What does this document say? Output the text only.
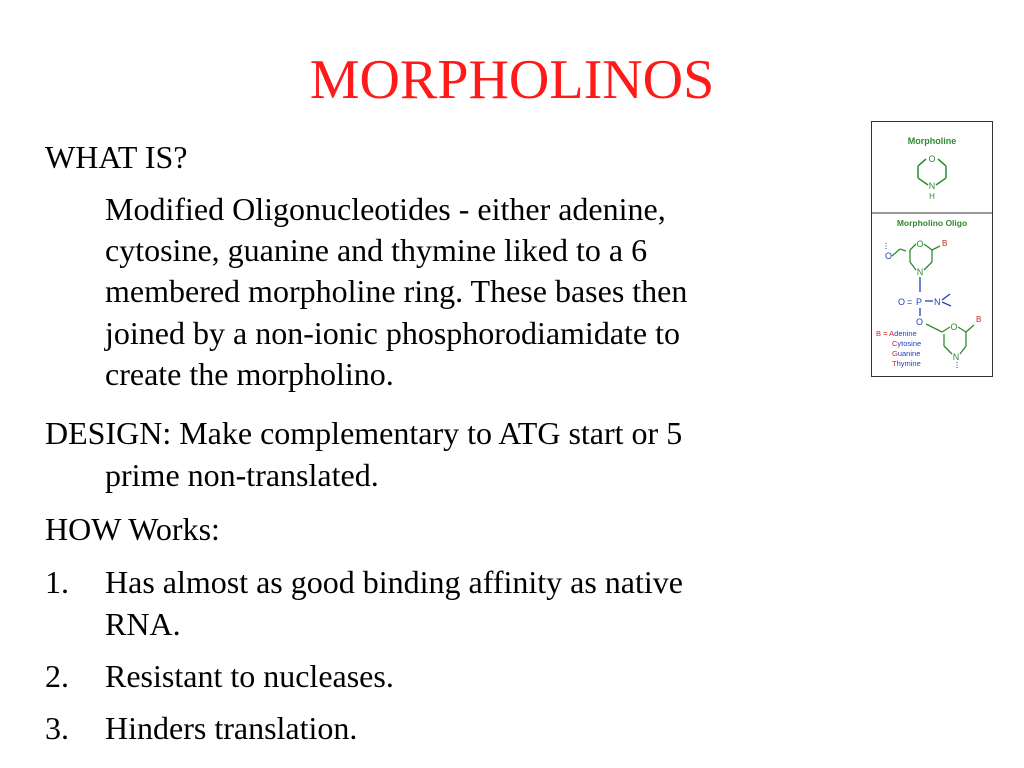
MORPHOLINOS
WHAT IS?
Modified Oligonucleotides - either adenine,
cytosine, guanine and thymine liked to a 6
membered morpholine ring. These bases then
joined by a non-ionic phosphorodiamidate to
create the morpholino.
DESIGN: Make complementary to ATG start or 5
prime non-translated.
HOW Works:
1. Has almost as good binding affinity as native
RNA.
2. Resistant to nucleases.
3. Hinders translation.
Morpholine
O
N
H
Morpholino Oligo
O
O
N
B
O = P N
O	O
N
B
B = Adenine
Cytosine
Guanine
Thymine
